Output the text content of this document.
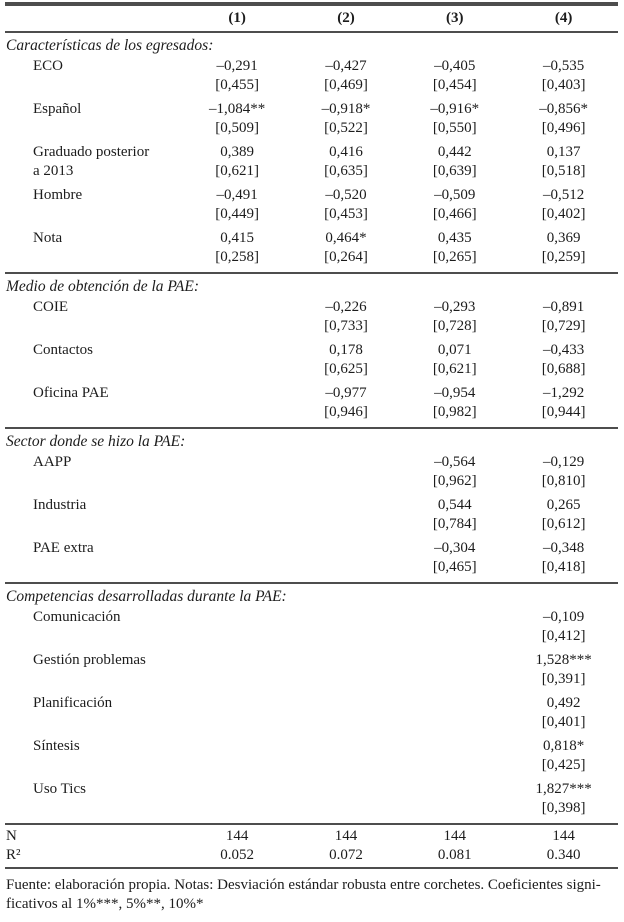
	(1)	(2)	(3)	(4)
Características de los egresados:				
ECO	–0,291	–0,427	–0,405	–0,535
	[0,455]	[0,469]	[0,454]	[0,403]
Español	–1,084**	–0,918*	–0,916*	–0,856*
	[0,509]	[0,522]	[0,550]	[0,496]
Graduado posterior	0,389	0,416	0,442	0,137
a 2013	[0,621]	[0,635]	[0,639]	[0,518]
Hombre	–0,491	–0,520	–0,509	–0,512
	[0,449]	[0,453]	[0,466]	[0,402]
Nota	0,415	0,464*	0,435	0,369
	[0,258]	[0,264]	[0,265]	[0,259]
Medio de obtención de la PAE:				
COIE		–0,226	–0,293	–0,891
		[0,733]	[0,728]	[0,729]
Contactos		0,178	0,071	–0,433
		[0,625]	[0,621]	[0,688]
Oficina PAE		–0,977	–0,954	–1,292
		[0,946]	[0,982]	[0,944]
Sector donde se hizo la PAE:				
AAPP			–0,564	–0,129
			[0,962]	[0,810]
Industria			0,544	0,265
			[0,784]	[0,612]
PAE extra			–0,304	–0,348
			[0,465]	[0,418]
Competencias desarrolladas durante la PAE:				
Comunicación				–0,109
				[0,412]
Gestión problemas				1,528***
				[0,391]
Planificación				0,492
				[0,401]
Síntesis				0,818*
				[0,425]
Uso Tics				1,827***
				[0,398]
N	144	144	144	144
R²	0.052	0.072	0.081	0.340
Fuente: elaboración propia. Notas: Desviación estándar robusta entre corchetes. Coeficientes signi-
ficativos al 1%***, 5%**, 10%*
